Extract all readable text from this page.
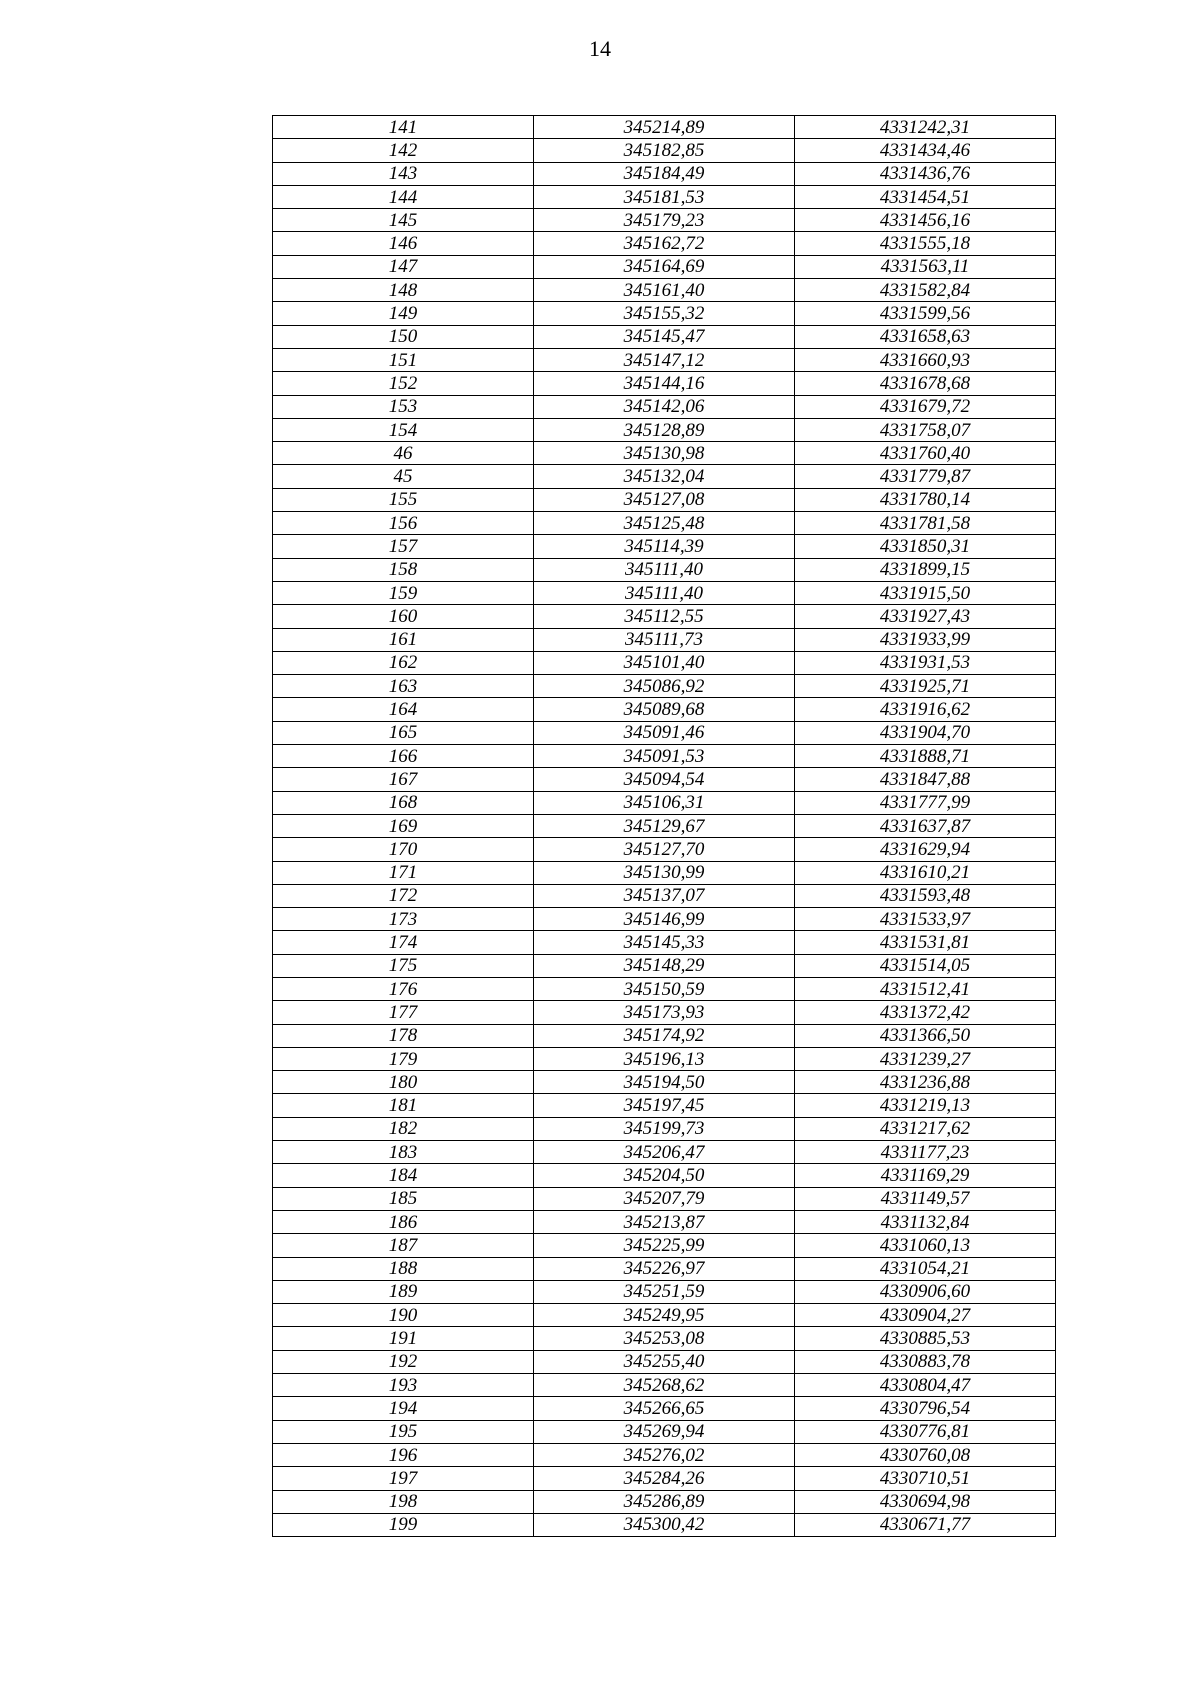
14
141	345214,89	4331242,31
142	345182,85	4331434,46
143	345184,49	4331436,76
144	345181,53	4331454,51
145	345179,23	4331456,16
146	345162,72	4331555,18
147	345164,69	4331563,11
148	345161,40	4331582,84
149	345155,32	4331599,56
150	345145,47	4331658,63
151	345147,12	4331660,93
152	345144,16	4331678,68
153	345142,06	4331679,72
154	345128,89	4331758,07
46	345130,98	4331760,40
45	345132,04	4331779,87
155	345127,08	4331780,14
156	345125,48	4331781,58
157	345114,39	4331850,31
158	345111,40	4331899,15
159	345111,40	4331915,50
160	345112,55	4331927,43
161	345111,73	4331933,99
162	345101,40	4331931,53
163	345086,92	4331925,71
164	345089,68	4331916,62
165	345091,46	4331904,70
166	345091,53	4331888,71
167	345094,54	4331847,88
168	345106,31	4331777,99
169	345129,67	4331637,87
170	345127,70	4331629,94
171	345130,99	4331610,21
172	345137,07	4331593,48
173	345146,99	4331533,97
174	345145,33	4331531,81
175	345148,29	4331514,05
176	345150,59	4331512,41
177	345173,93	4331372,42
178	345174,92	4331366,50
179	345196,13	4331239,27
180	345194,50	4331236,88
181	345197,45	4331219,13
182	345199,73	4331217,62
183	345206,47	4331177,23
184	345204,50	4331169,29
185	345207,79	4331149,57
186	345213,87	4331132,84
187	345225,99	4331060,13
188	345226,97	4331054,21
189	345251,59	4330906,60
190	345249,95	4330904,27
191	345253,08	4330885,53
192	345255,40	4330883,78
193	345268,62	4330804,47
194	345266,65	4330796,54
195	345269,94	4330776,81
196	345276,02	4330760,08
197	345284,26	4330710,51
198	345286,89	4330694,98
199	345300,42	4330671,77
